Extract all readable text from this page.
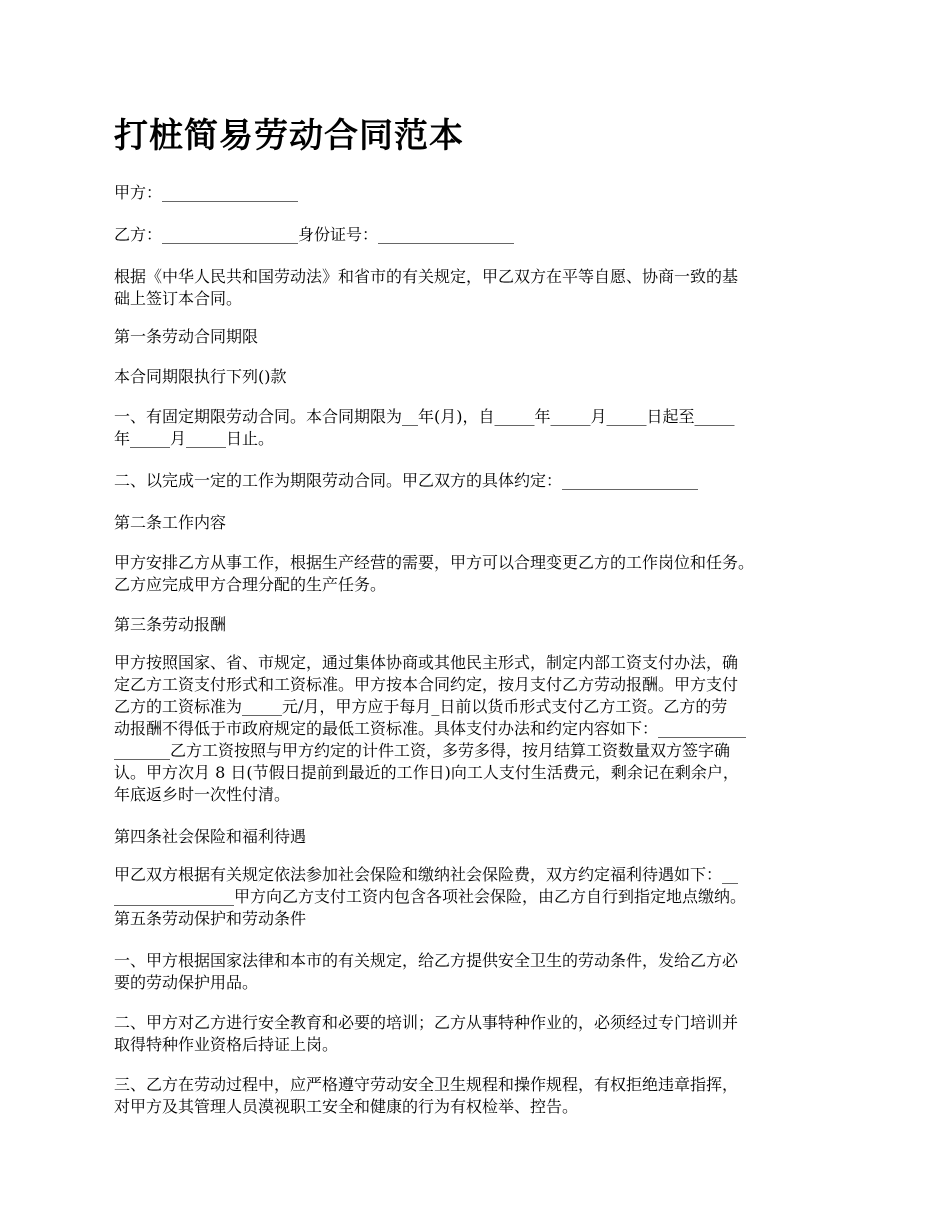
打桩简易劳动合同范本
甲方：_________________
乙方：_________________身份证号：_________________
根据《中华人民共和国劳动法》和省市的有关规定，甲乙双方在平等自愿、协商一致的基
础上签订本合同。
第一条劳动合同期限
本合同期限执行下列()款
一、有固定期限劳动合同。本合同期限为__年(月)，自_____年_____月_____日起至_____
年_____月_____日止。
二、以完成一定的工作为期限劳动合同。甲乙双方的具体约定：_________________
第二条工作内容
甲方安排乙方从事工作，根据生产经营的需要，甲方可以合理变更乙方的工作岗位和任务。
乙方应完成甲方合理分配的生产任务。
第三条劳动报酬
甲方按照国家、省、市规定，通过集体协商或其他民主形式，制定内部工资支付办法，确
定乙方工资支付形式和工资标准。甲方按本合同约定，按月支付乙方劳动报酬。甲方支付
乙方的工资标准为_____元/月，甲方应于每月_日前以货币形式支付乙方工资。乙方的劳
动报酬不得低于市政府规定的最低工资标准。具体支付办法和约定内容如下：___________
_______乙方工资按照与甲方约定的计件工资，多劳多得，按月结算工资数量双方签字确
认。甲方次月 8 日(节假日提前到最近的工作日)向工人支付生活费元，剩余记在剩余户，
年底返乡时一次性付清。
第四条社会保险和福利待遇
甲乙双方根据有关规定依法参加社会保险和缴纳社会保险费，双方约定福利待遇如下：__
_______________甲方向乙方支付工资内包含各项社会保险，由乙方自行到指定地点缴纳。
第五条劳动保护和劳动条件
一、甲方根据国家法律和本市的有关规定，给乙方提供安全卫生的劳动条件，发给乙方必
要的劳动保护用品。
二、甲方对乙方进行安全教育和必要的培训；乙方从事特种作业的，必须经过专门培训并
取得特种作业资格后持证上岗。
三、乙方在劳动过程中，应严格遵守劳动安全卫生规程和操作规程，有权拒绝违章指挥，
对甲方及其管理人员漠视职工安全和健康的行为有权检举、控告。
